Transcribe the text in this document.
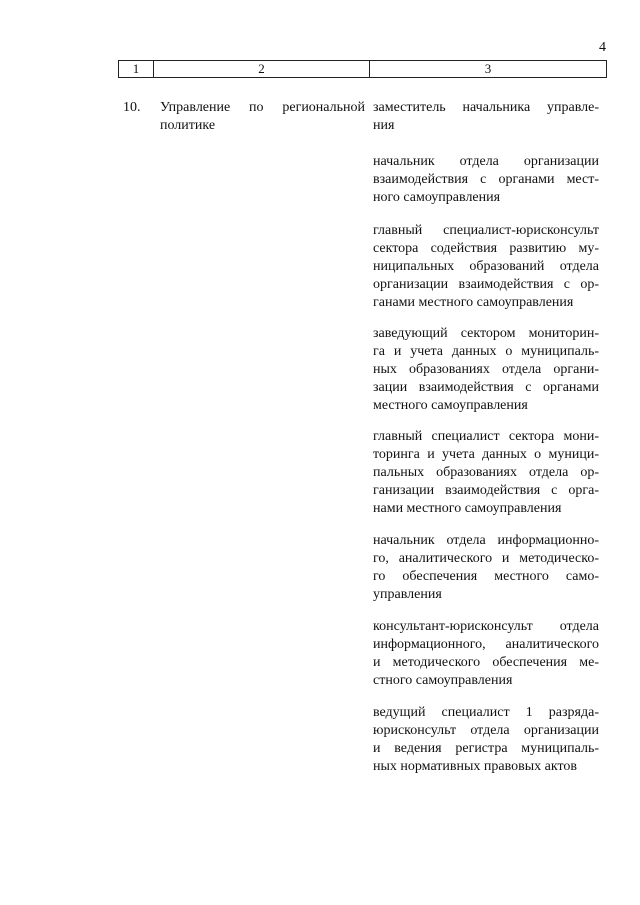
4
1	2	3
10. Управление по региональной
политике
заместитель начальника управле-
ния
начальник отдела организации
взаимодействия с органами мест-
ного самоуправления
главный специалист-юрисконсульт
сектора содействия развитию му-
ниципальных образований отдела
организации взаимодействия с ор-
ганами местного самоуправления
заведующий сектором мониторин-
га и учета данных о муниципаль-
ных образованиях отдела органи-
зации взаимодействия с органами
местного самоуправления
главный специалист сектора мони-
торинга и учета данных о муници-
пальных образованиях отдела ор-
ганизации взаимодействия с орга-
нами местного самоуправления
начальник отдела информационно-
го, аналитического и методическо-
го обеспечения местного само-
управления
консультант-юрисконсульт отдела
информационного, аналитического
и методического обеспечения ме-
стного самоуправления
ведущий специалист 1 разряда-
юрисконсульт отдела организации
и ведения регистра муниципаль-
ных нормативных правовых актов
